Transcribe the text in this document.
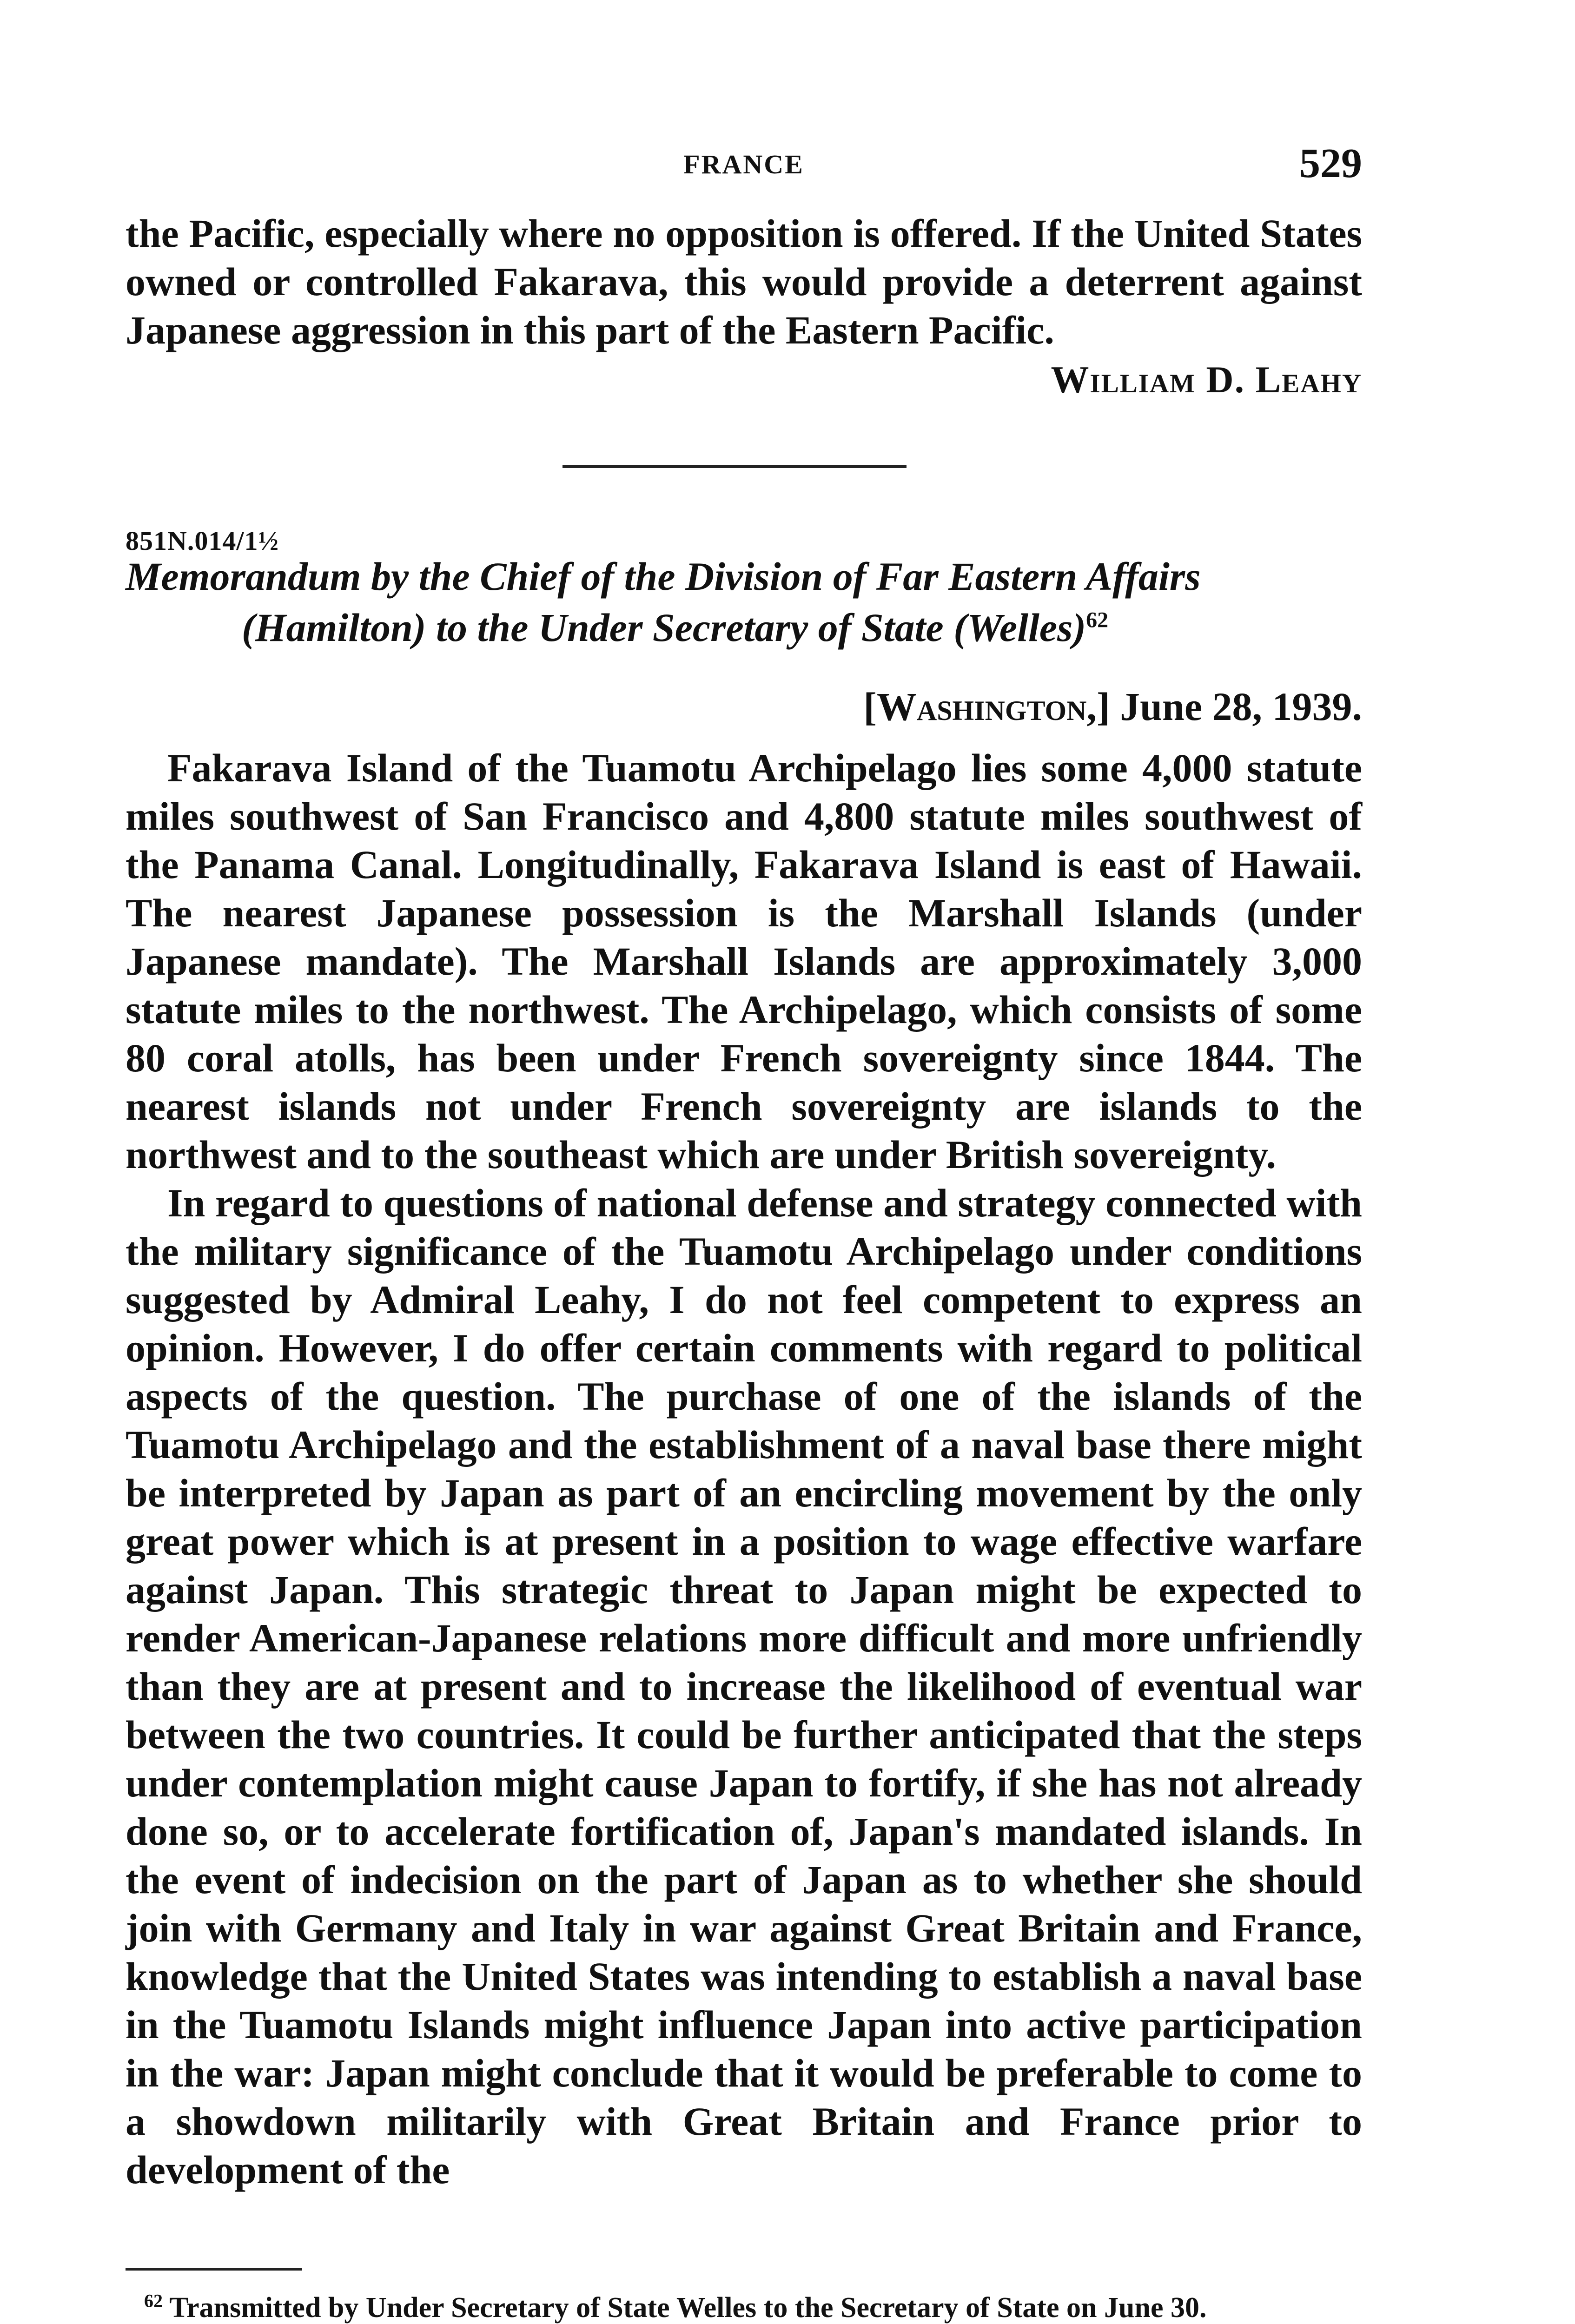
FRANCE	529
the Pacific, especially where no opposition is offered. If the United States owned or controlled Fakarava, this would provide a deterrent against Japanese aggression in this part of the Eastern Pacific.
William D. Leahy
851N.014/1½
Memorandum by the Chief of the Division of Far Eastern Affairs
(Hamilton) to the Under Secretary of State (Welles)$^{62}$
[Washington,] June 28, 1939.

Fakarava Island of the Tuamotu Archipelago lies some 4,000 statute miles southwest of San Francisco and 4,800 statute miles southwest of the Panama Canal. Longitudinally, Fakarava Island is east of Hawaii. The nearest Japanese possession is the Marshall Islands (under Japanese mandate). The Marshall Islands are approximately 3,000 statute miles to the northwest. The Archipelago, which consists of some 80 coral atolls, has been under French sovereignty since 1844. The nearest islands not under French sovereignty are islands to the northwest and to the southeast which are under British sovereignty.

In regard to questions of national defense and strategy connected with the military significance of the Tuamotu Archipelago under conditions suggested by Admiral Leahy, I do not feel competent to express an opinion. However, I do offer certain comments with regard to political aspects of the question. The purchase of one of the islands of the Tuamotu Archipelago and the establishment of a naval base there might be interpreted by Japan as part of an encircling movement by the only great power which is at present in a position to wage effective warfare against Japan. This strategic threat to Japan might be expected to render American-Japanese relations more difficult and more unfriendly than they are at present and to increase the likelihood of eventual war between the two countries. It could be further anticipated that the steps under contemplation might cause Japan to fortify, if she has not already done so, or to accelerate fortification of, Japan's mandated islands. In the event of indecision on the part of Japan as to whether she should join with Germany and Italy in war against Great Britain and France, knowledge that the United States was intending to establish a naval base in the Tuamotu Islands might influence Japan into active participation in the war: Japan might conclude that it would be preferable to come to a showdown militarily with Great Britain and France prior to development of the

$^{62}$ Transmitted by Under Secretary of State Welles to the Secretary of State on June 30.
